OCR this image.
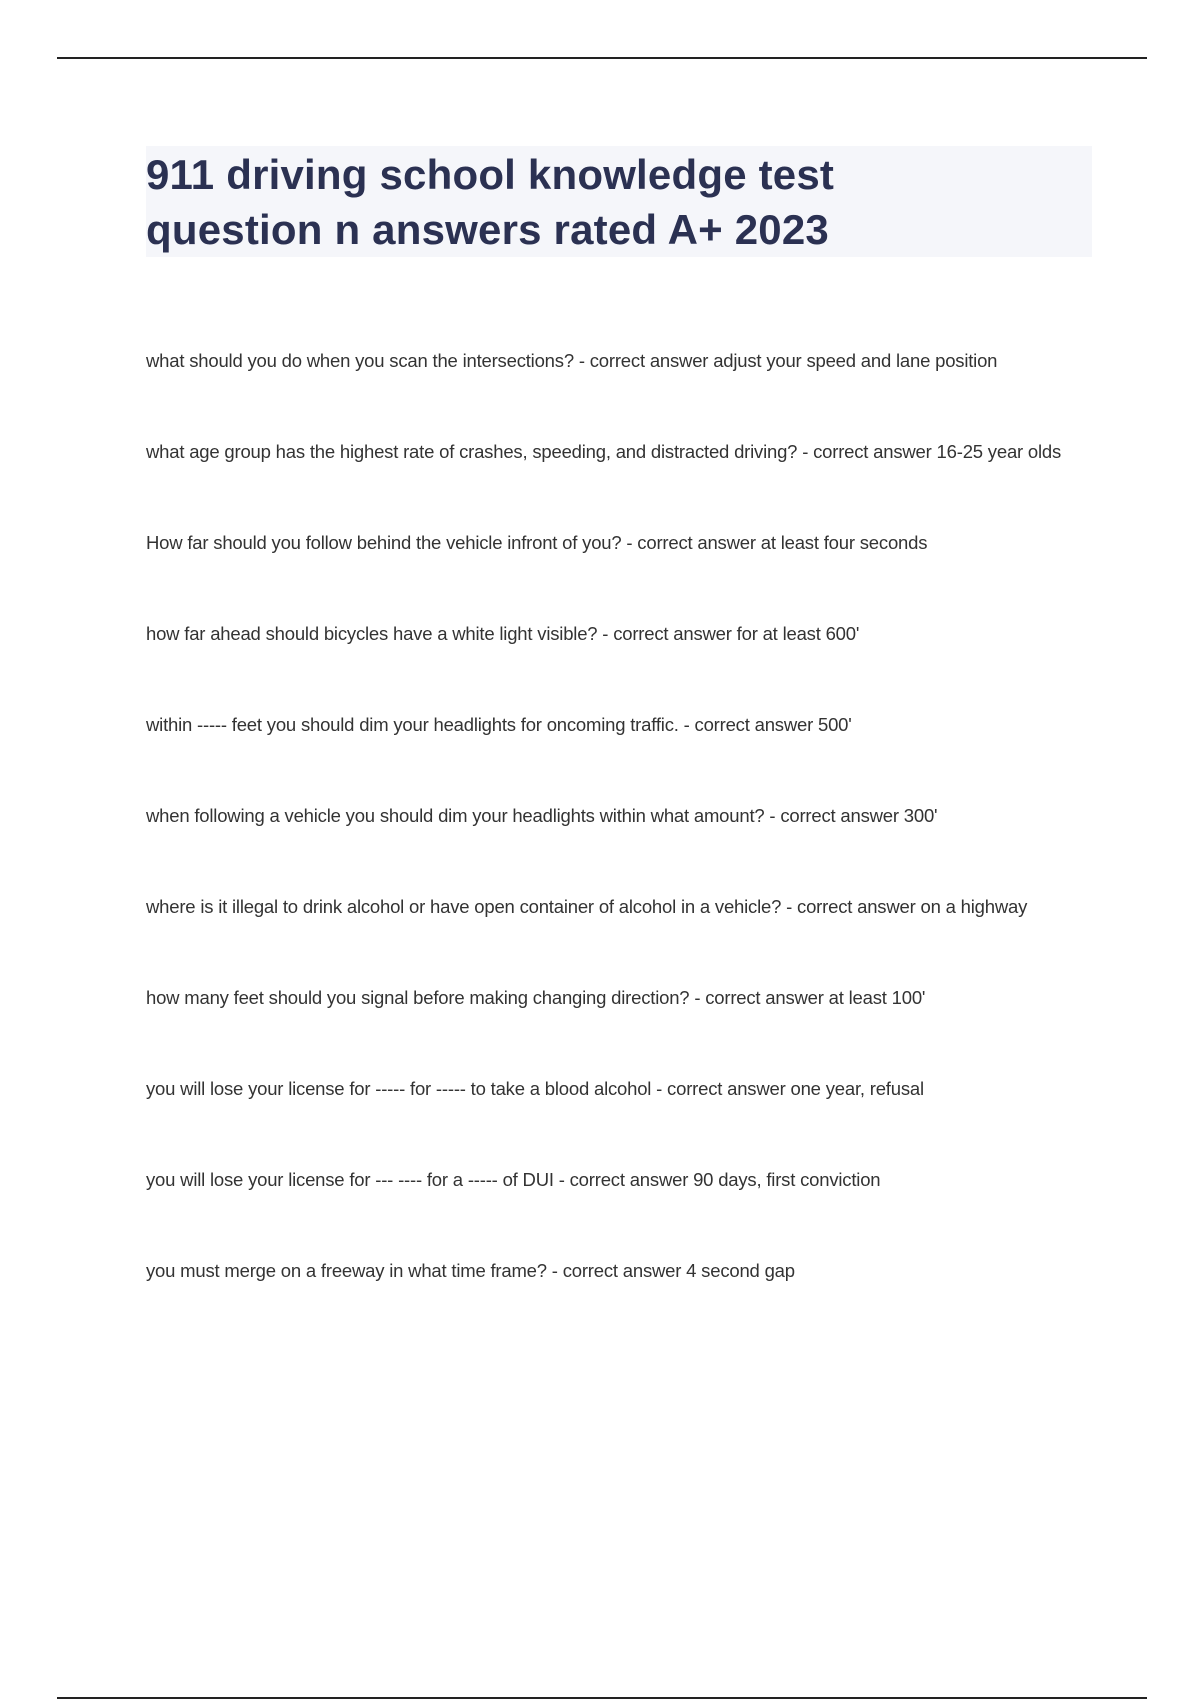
911 driving school knowledge test
question n answers rated A+ 2023

what should you do when you scan the intersections? - correct answer adjust your speed and lane position

what age group has the highest rate of crashes, speeding, and distracted driving? - correct answer 16-25 year olds

How far should you follow behind the vehicle infront of you? - correct answer at least four seconds

how far ahead should bicycles have a white light visible? - correct answer for at least 600'

within ----- feet you should dim your headlights for oncoming traffic. - correct answer 500'

when following a vehicle you should dim your headlights within what amount? - correct answer 300'

where is it illegal to drink alcohol or have open container of alcohol in a vehicle? - correct answer on a highway

how many feet should you signal before making changing direction? - correct answer at least 100'

you will lose your license for ----- for ----- to take a blood alcohol - correct answer one year, refusal

you will lose your license for --- ---- for a ----- of DUI - correct answer 90 days, first conviction

you must merge on a freeway in what time frame? - correct answer 4 second gap
